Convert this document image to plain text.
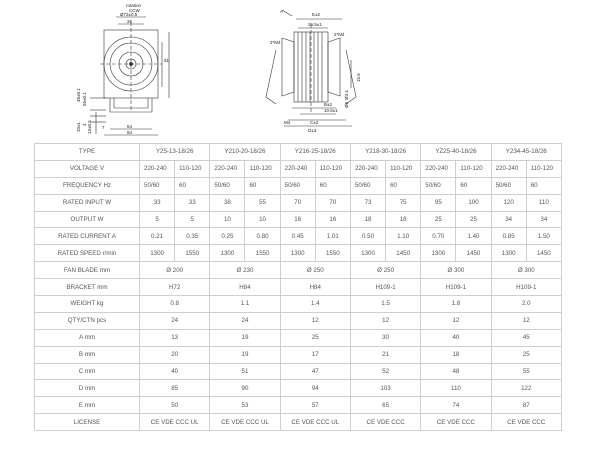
rotation
CCW
Ø72±0.5
26
51
48±0.1 56±0.1
10±1 4 13±0.5 7	64
84
A
E±2
26.5±1
2*M4
2*M4
15.6
Ø3.4
Ø6
B±2
10.6±1
M4	C±2
D±3
TYPE	Y25-13-18/26		Y210-20-18/26		Y216-25-18/26		Y218-30-18/26		YZ25-40-18/26		Y234-45-18/26	
VOLTAGE V	220-240	110-120	220-240	110-120	220-240	110-120	220-240	110-120	220-240	110-120	220-240	110-120
FREQUENCY Hz	50/60	60	50/60	60	50/60	60	50/60	60	50/60	60	50/60	60
RATED INPUT W	33	33	38	55	70	70	73	75	95	100	120	110
OUTPUT W	5	5	10	10	16	16	18	18	25	25	34	34
RATED CURRENT A	0.21	0.35	0.25	0.80	0.45	1.01	0.50	1.10	0.70	1.40	0.85	1.50
RATED SPEED r/min	1300	1550	1300	1550	1300	1550	1300	1450	1300	1450	1300	1450
FAN BLADE mm	Ø 200		Ø 230		Ø 250		Ø 250		Ø 300		Ø 300	
BRACKET mm	H72		H84		H84		H109-1		H109-1		H109-1	
WEIGHT kg	0.8		1.1		1.4		1.5		1.8		2.0	
QTY/CTN pcs	24		24		12		12		12		12	
A mm	13		19		25		30		40		45	
B mm	20		19		17		21		18		25	
C mm	40		51		47		52		48		55	
D mm	85		90		94		103		110		122	
E mm	50		53		57		65		74		87	
LICENSE	CE VDE CCC UL		CE VDE CCC UL		CE VDE CCC UL		CE VDE CCC		CE VDE CCC		CE VDE CCC	
